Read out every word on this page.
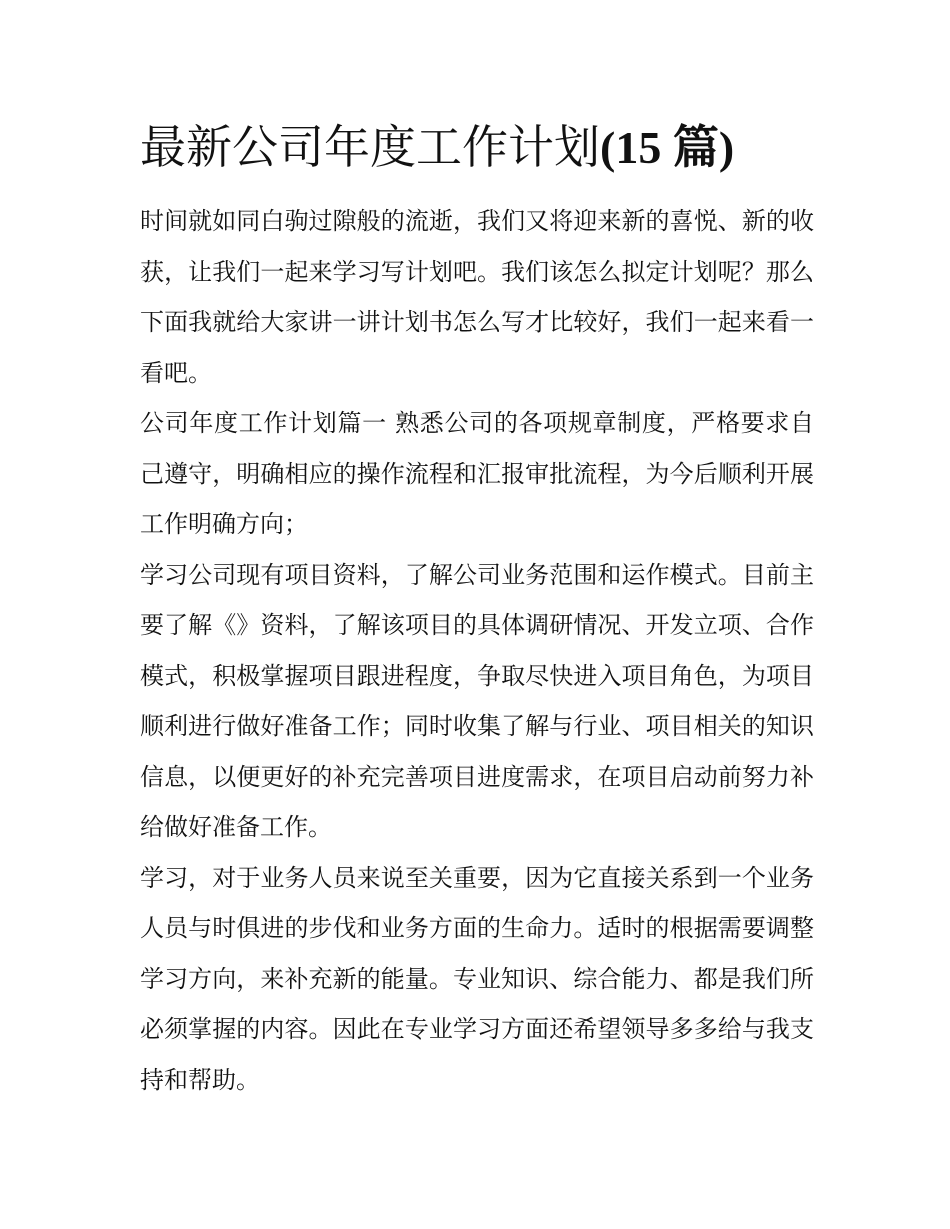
最新公司年度工作计划(15 篇)

时间就如同白驹过隙般的流逝，我们又将迎来新的喜悦、新的收获，让我们一起来学习写计划吧。我们该怎么拟定计划呢？那么下面我就给大家讲一讲计划书怎么写才比较好，我们一起来看一看吧。

公司年度工作计划篇一 熟悉公司的各项规章制度，严格要求自己遵守，明确相应的操作流程和汇报审批流程，为今后顺利开展工作明确方向；

学习公司现有项目资料，了解公司业务范围和运作模式。目前主要了解《》资料，了解该项目的具体调研情况、开发立项、合作模式，积极掌握项目跟进程度，争取尽快进入项目角色，为项目顺利进行做好准备工作；同时收集了解与行业、项目相关的知识信息，以便更好的补充完善项目进度需求，在项目启动前努力补给做好准备工作。

学习，对于业务人员来说至关重要，因为它直接关系到一个业务人员与时俱进的步伐和业务方面的生命力。适时的根据需要调整学习方向，来补充新的能量。专业知识、综合能力、都是我们所必须掌握的内容。因此在专业学习方面还希望领导多多给与我支持和帮助。
